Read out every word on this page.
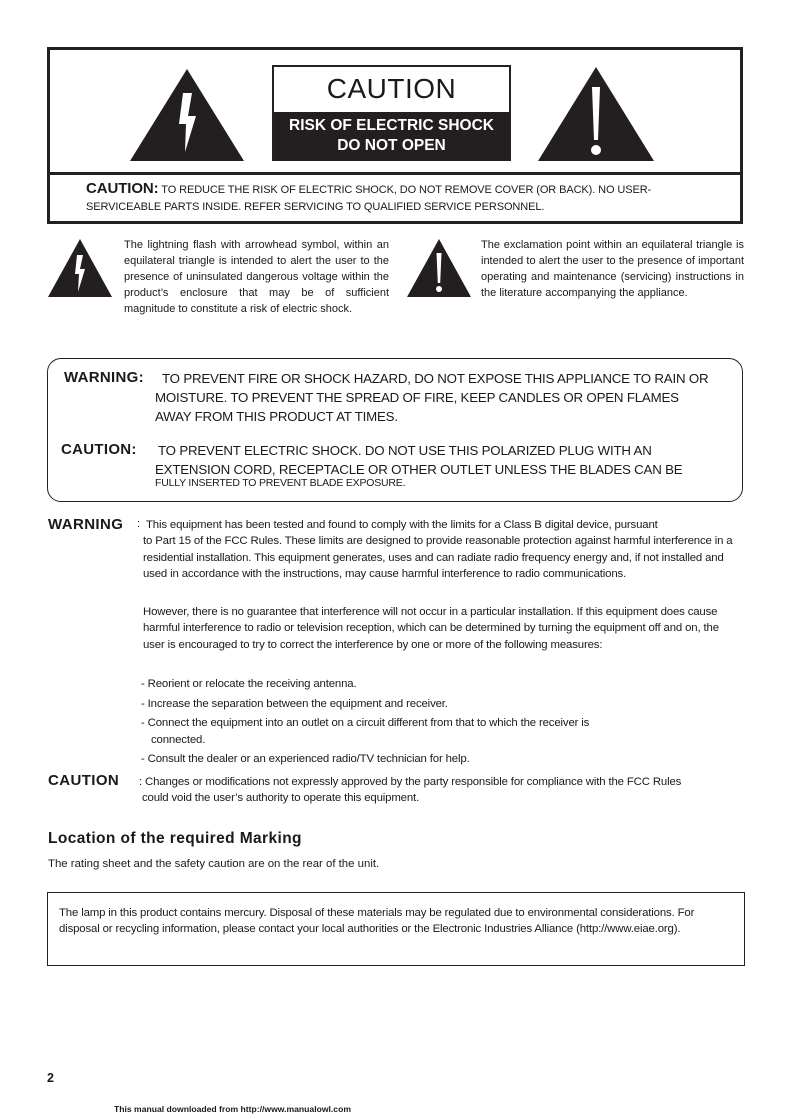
CAUTION
RISK OF ELECTRIC SHOCK
DO NOT OPEN
CAUTION: TO REDUCE THE RISK OF ELECTRIC SHOCK, DO NOT REMOVE COVER (OR BACK). NO USER-
SERVICEABLE PARTS INSIDE. REFER SERVICING TO QUALIFIED SERVICE PERSONNEL.
The lightning flash with arrowhead symbol, within an equilateral triangle is intended to alert the user to the presence of uninsulated dangerous voltage within the product’s enclosure that may be of sufficient magnitude to constitute a risk of electric shock.
The exclamation point within an equilateral triangle is intended to alert the user to the presence of important operating and maintenance (servicing) instructions in the literature accompanying the appliance.
WARNING: TO PREVENT FIRE OR SHOCK HAZARD, DO NOT EXPOSE THIS APPLIANCE TO RAIN OR
MOISTURE. TO PREVENT THE SPREAD OF FIRE, KEEP CANDLES OR OPEN FLAMES
AWAY FROM THIS PRODUCT AT TIMES.
CAUTION: TO PREVENT ELECTRIC SHOCK. DO NOT USE THIS POLARIZED PLUG WITH AN
EXTENSION CORD, RECEPTACLE OR OTHER OUTLET UNLESS THE BLADES CAN BE
FULLY INSERTED TO PREVENT BLADE EXPOSURE.
WARNING : This equipment has been tested and found to comply with the limits for a Class B digital device, pursuant
to Part 15 of the FCC Rules. These limits are designed to provide reasonable protection against harmful interference in a residential installation. This equipment generates, uses and can radiate radio frequency energy and, if not installed and used in accordance with the instructions, may cause harmful interference to radio communications.
However, there is no guarantee that interference will not occur in a particular installation. If this equipment does cause harmful interference to radio or television reception, which can be determined by turning the equipment off and on, the user is encouraged to try to correct the interference by one or more of the following measures:
- Reorient or relocate the receiving antenna.
- Increase the separation between the equipment and receiver.
- Connect the equipment into an outlet on a circuit different from that to which the receiver is
connected.
- Consult the dealer or an experienced radio/TV technician for help.
CAUTION : Changes or modifications not expressly approved by the party responsible for compliance with the FCC Rules
could void the user’s authority to operate this equipment.
Location of the required Marking
The rating sheet and the safety caution are on the rear of the unit.
The lamp in this product contains mercury. Disposal of these materials may be regulated due to environmental considerations. For disposal or recycling information, please contact your local authorities or the Electronic Industries Alliance (http://www.eiae.org).
2
This manual downloaded from http://www.manualowl.com
